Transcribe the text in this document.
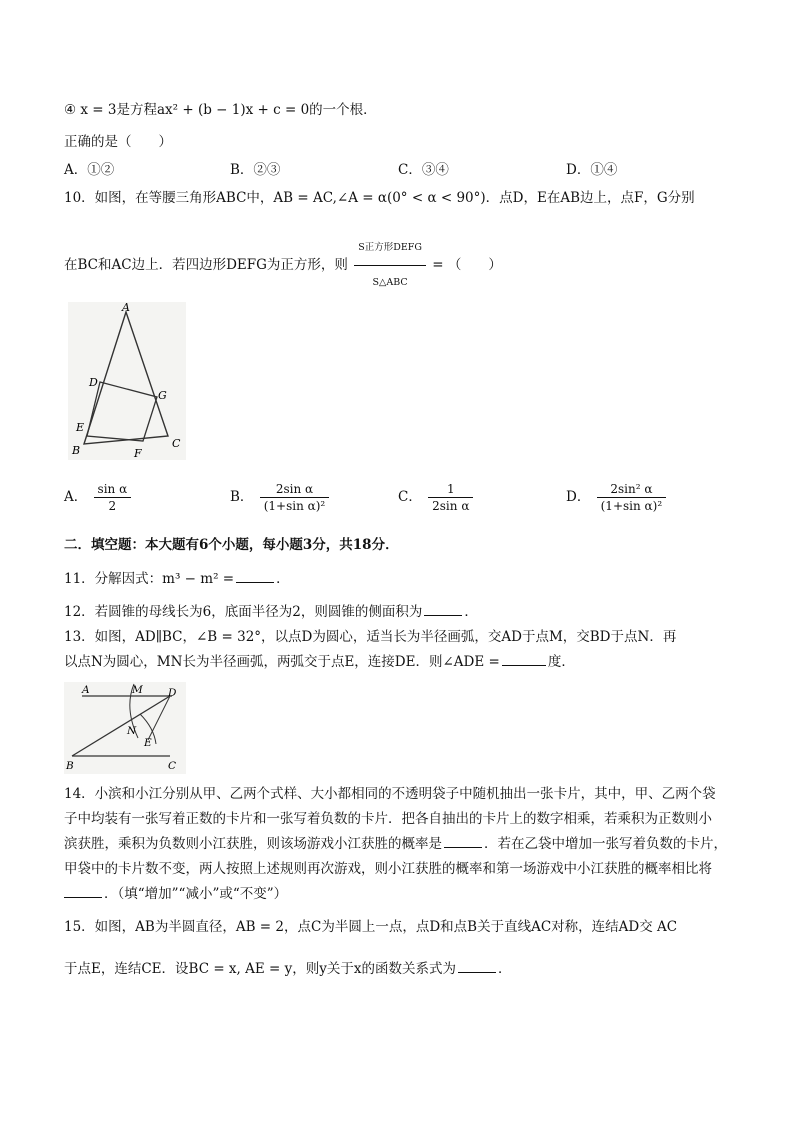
④ x = 3是方程ax² + (b − 1)x + c = 0的一个根．
正确的是（　　）
A．①②	B．②③	C．③④	D．①④
10．如图，在等腰三角形ABC中，AB = AC,∠A = α(0° < α < 90°)．点D，E在AB边上，点F，G分别
在BC和AC边上．若四边形DEFG为正方形，则 $\frac{\text{S正方形DEFG}}{\text{S△ABC}}$ = （　　）
A
D
G
E
B	F
C
A． $\frac{\text{sin α}}{2}$	B． $\frac{\text{2sin α}}{\text{(1+sin α)²}}$	C． $\frac{1}{\text{2sin α}}$	D． $\frac{\text{2sin² α}}{\text{(1+sin α)²}}$
二．填空题：本大题有6个小题，每小题3分，共18分．
11．分解因式：m³ − m² =	．
12．若圆锥的母线长为6，底面半径为2，则圆锥的侧面积为	．
13．如图，AD∥BC，∠B = 32°，以点D为圆心，适当长为半径画弧，交AD于点M，交BD于点N．再
以点N为圆心，MN长为半径画弧，两弧交于点E，连接DE．则∠ADE =	度．
A	M D
N
E
B	C
14．小滨和小江分别从甲、乙两个式样、大小都相同的不透明袋子中随机抽出一张卡片，其中，甲、乙两个袋
子中均装有一张写着正数的卡片和一张写着负数的卡片．把各自抽出的卡片上的数字相乘，若乘积为正数则小
滨获胜，乘积为负数则小江获胜，则该场游戏小江获胜的概率是	．若在乙袋中增加一张写着负数的卡片，
甲袋中的卡片数不变，两人按照上述规则再次游戏，则小江获胜的概率和第一场游戏中小江获胜的概率相比将
．（填“增加”“减小”或“不变”）
15．如图，AB为半圆直径，AB = 2，点C为半圆上一点，点D和点B关于直线AC对称，连结AD交 AC
于点E，连结CE．设BC = x, AE = y，则y关于x的函数关系式为	．
